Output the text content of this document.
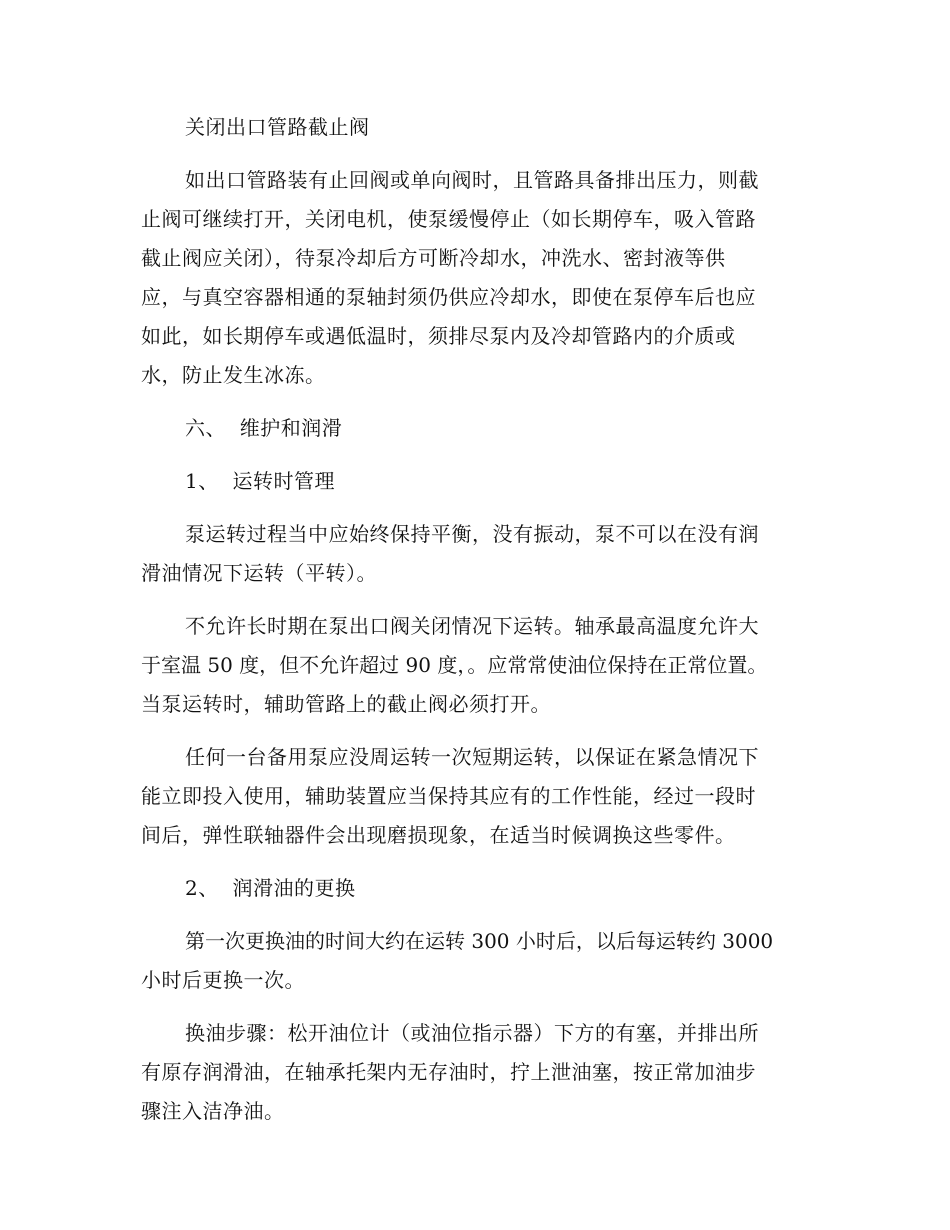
关闭出口管路截止阀
如出口管路装有止回阀或单向阀时，且管路具备排出压力，则截
止阀可继续打开，关闭电机，使泵缓慢停止（如长期停车，吸入管路
截止阀应关闭），待泵冷却后方可断冷却水，冲洗水、密封液等供
应，与真空容器相通的泵轴封须仍供应冷却水，即使在泵停车后也应
如此，如长期停车或遇低温时，须排尽泵内及冷却管路内的介质或
水，防止发生冰冻。
六、  维护和润滑
1、  运转时管理
泵运转过程当中应始终保持平衡，没有振动，泵不可以在没有润
滑油情况下运转（平转）。
不允许长时期在泵出口阀关闭情况下运转。轴承最高温度允许大
于室温 50 度，但不允许超过 90 度，。应常常使油位保持在正常位置。
当泵运转时，辅助管路上的截止阀必须打开。
任何一台备用泵应没周运转一次短期运转，以保证在紧急情况下
能立即投入使用，辅助装置应当保持其应有的工作性能，经过一段时
间后，弹性联轴器件会出现磨损现象，在适当时候调换这些零件。
2、  润滑油的更换
第一次更换油的时间大约在运转 300 小时后，以后每运转约 3000
小时后更换一次。
换油步骤：松开油位计（或油位指示器）下方的有塞，并排出所
有原存润滑油，在轴承托架内无存油时，拧上泄油塞，按正常加油步
骤注入洁净油。
